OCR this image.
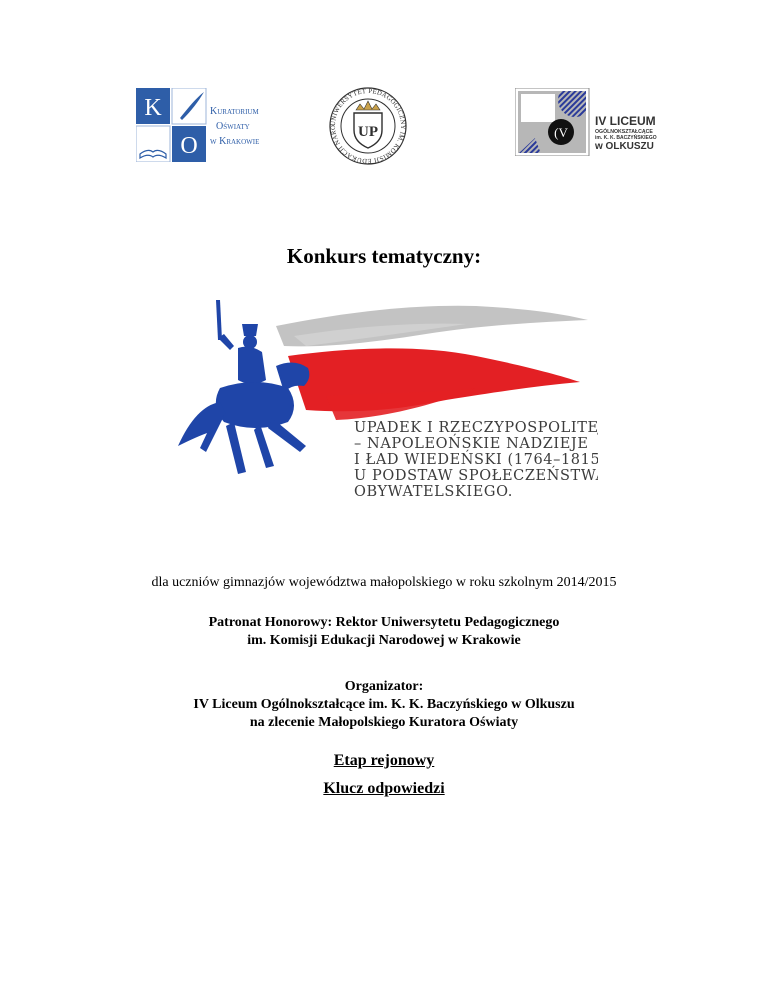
K
O
Kuratorium
Oświaty
w Krakowie
UNIWERSYTET PEDAGOGICZNY IM. KOMISJI EDUKACJI NARO	UP	(V
IV LICEUM
OGÓLNOKSZTAŁCĄCE
im. K. K. BACZYŃSKIEGO
w OLKUSZU
Konkurs tematyczny:
UPADEK I RZECZYPOSPOLITEJ
– NAPOLEOŃSKIE NADZIEJE
I ŁAD WIEDEŃSKI (1764–1815).
U PODSTAW SPOŁECZEŃSTWA
OBYWATELSKIEGO.
dla uczniów gimnazjów województwa małopolskiego w roku szkolnym 2014/2015
Patronat Honorowy: Rektor Uniwersytetu Pedagogicznego
im. Komisji Edukacji Narodowej w Krakowie
Organizator:
IV Liceum Ogólnokształcące im. K. K. Baczyńskiego w Olkuszu
na zlecenie Małopolskiego Kuratora Oświaty
Etap rejonowy
Klucz odpowiedzi
